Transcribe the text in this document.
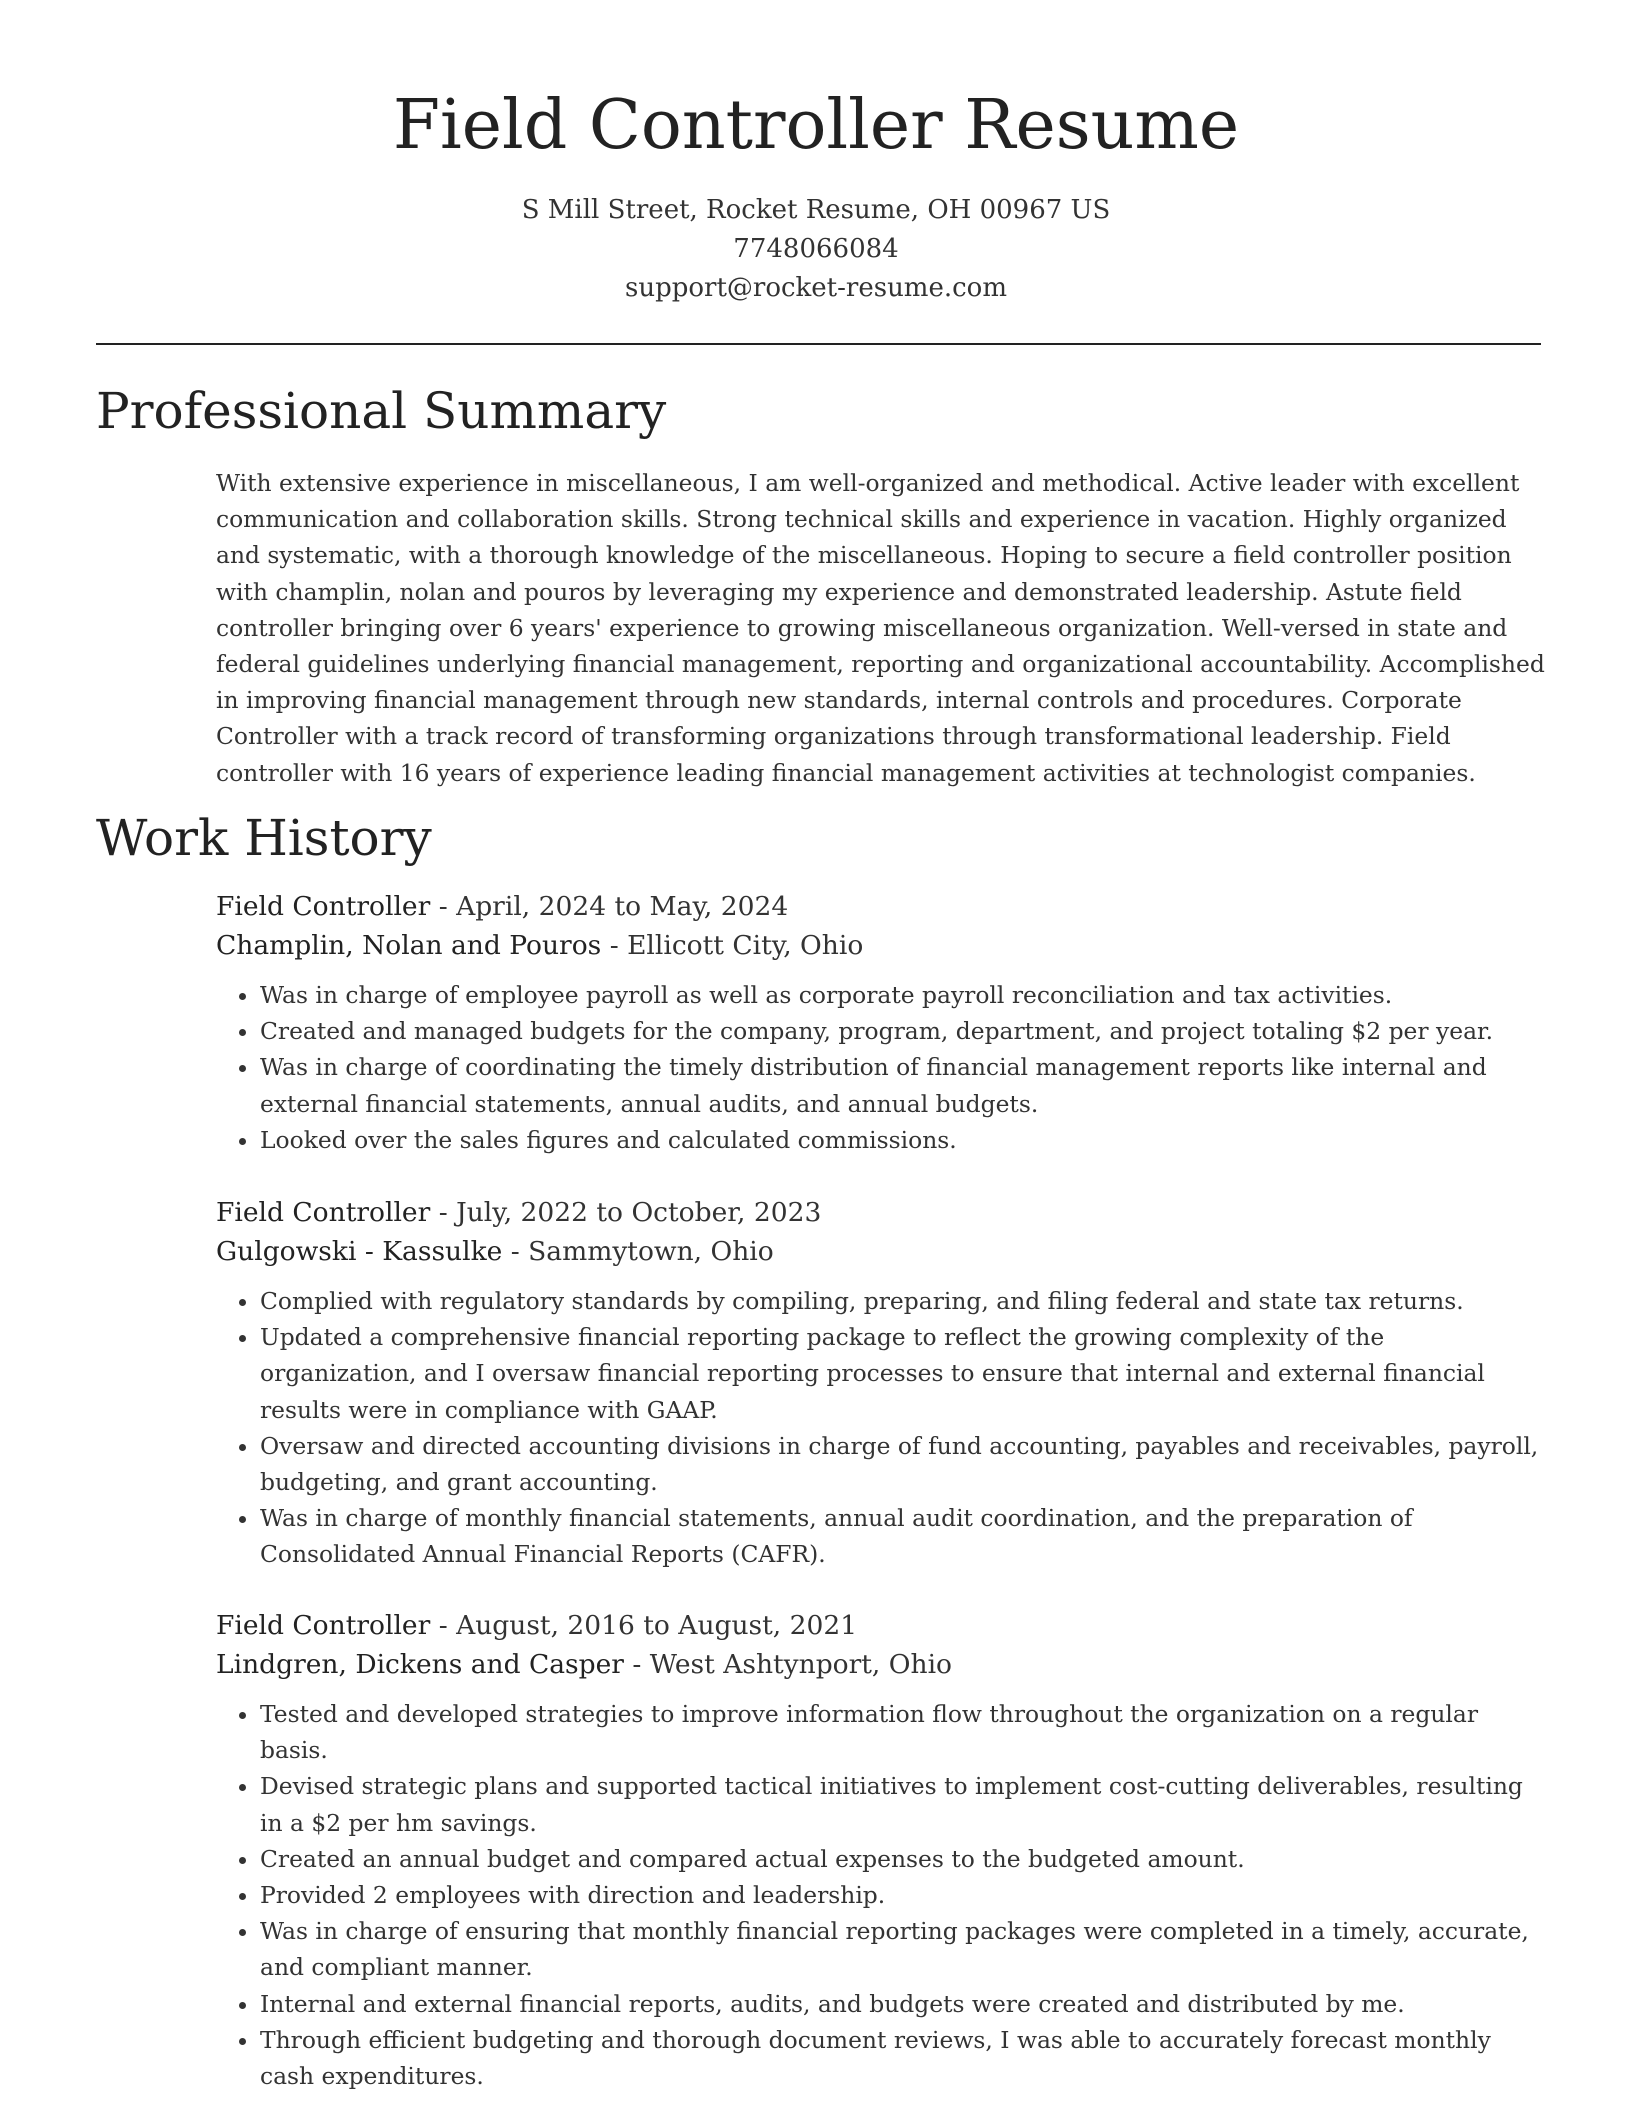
Field Controller Resume
S Mill Street, Rocket Resume, OH 00967 US
7748066084
support@rocket-resume.com
Professional Summary

With extensive experience in miscellaneous, I am well-organized and methodical. Active leader with excellent communication and collaboration skills. Strong technical skills and experience in vacation. Highly organized and systematic, with a thorough knowledge of the miscellaneous. Hoping to secure a field controller position with champlin, nolan and pouros by leveraging my experience and demonstrated leadership. Astute field controller bringing over 6 years' experience to growing miscellaneous organization. Well-versed in state and federal guidelines underlying financial management, reporting and organizational accountability. Accomplished in improving financial management through new standards, internal controls and procedures. Corporate Controller with a track record of transforming organizations through transformational leadership. Field controller with 16 years of experience leading financial management activities at technologist companies.

Work History
Field Controller - April, 2024 to May, 2024
Champlin, Nolan and Pouros - Ellicott City, Ohio
• Was in charge of employee payroll as well as corporate payroll reconciliation and tax activities.
• Created and managed budgets for the company, program, department, and project totaling $2 per year.
• Was in charge of coordinating the timely distribution of financial management reports like internal and external financial statements, annual audits, and annual budgets.
• Looked over the sales figures and calculated commissions.
Field Controller - July, 2022 to October, 2023
Gulgowski - Kassulke - Sammytown, Ohio
• Complied with regulatory standards by compiling, preparing, and filing federal and state tax returns.
• Updated a comprehensive financial reporting package to reflect the growing complexity of the organization, and I oversaw financial reporting processes to ensure that internal and external financial results were in compliance with GAAP.
• Oversaw and directed accounting divisions in charge of fund accounting, payables and receivables, payroll, budgeting, and grant accounting.
• Was in charge of monthly financial statements, annual audit coordination, and the preparation of Consolidated Annual Financial Reports (CAFR).
Field Controller - August, 2016 to August, 2021
Lindgren, Dickens and Casper - West Ashtynport, Ohio
• Tested and developed strategies to improve information flow throughout the organization on a regular basis.
• Devised strategic plans and supported tactical initiatives to implement cost-cutting deliverables, resulting in a $2 per hm savings.
• Created an annual budget and compared actual expenses to the budgeted amount.
• Provided 2 employees with direction and leadership.
• Was in charge of ensuring that monthly financial reporting packages were completed in a timely, accurate, and compliant manner.
• Internal and external financial reports, audits, and budgets were created and distributed by me.
• Through efficient budgeting and thorough document reviews, I was able to accurately forecast monthly cash expenditures.
